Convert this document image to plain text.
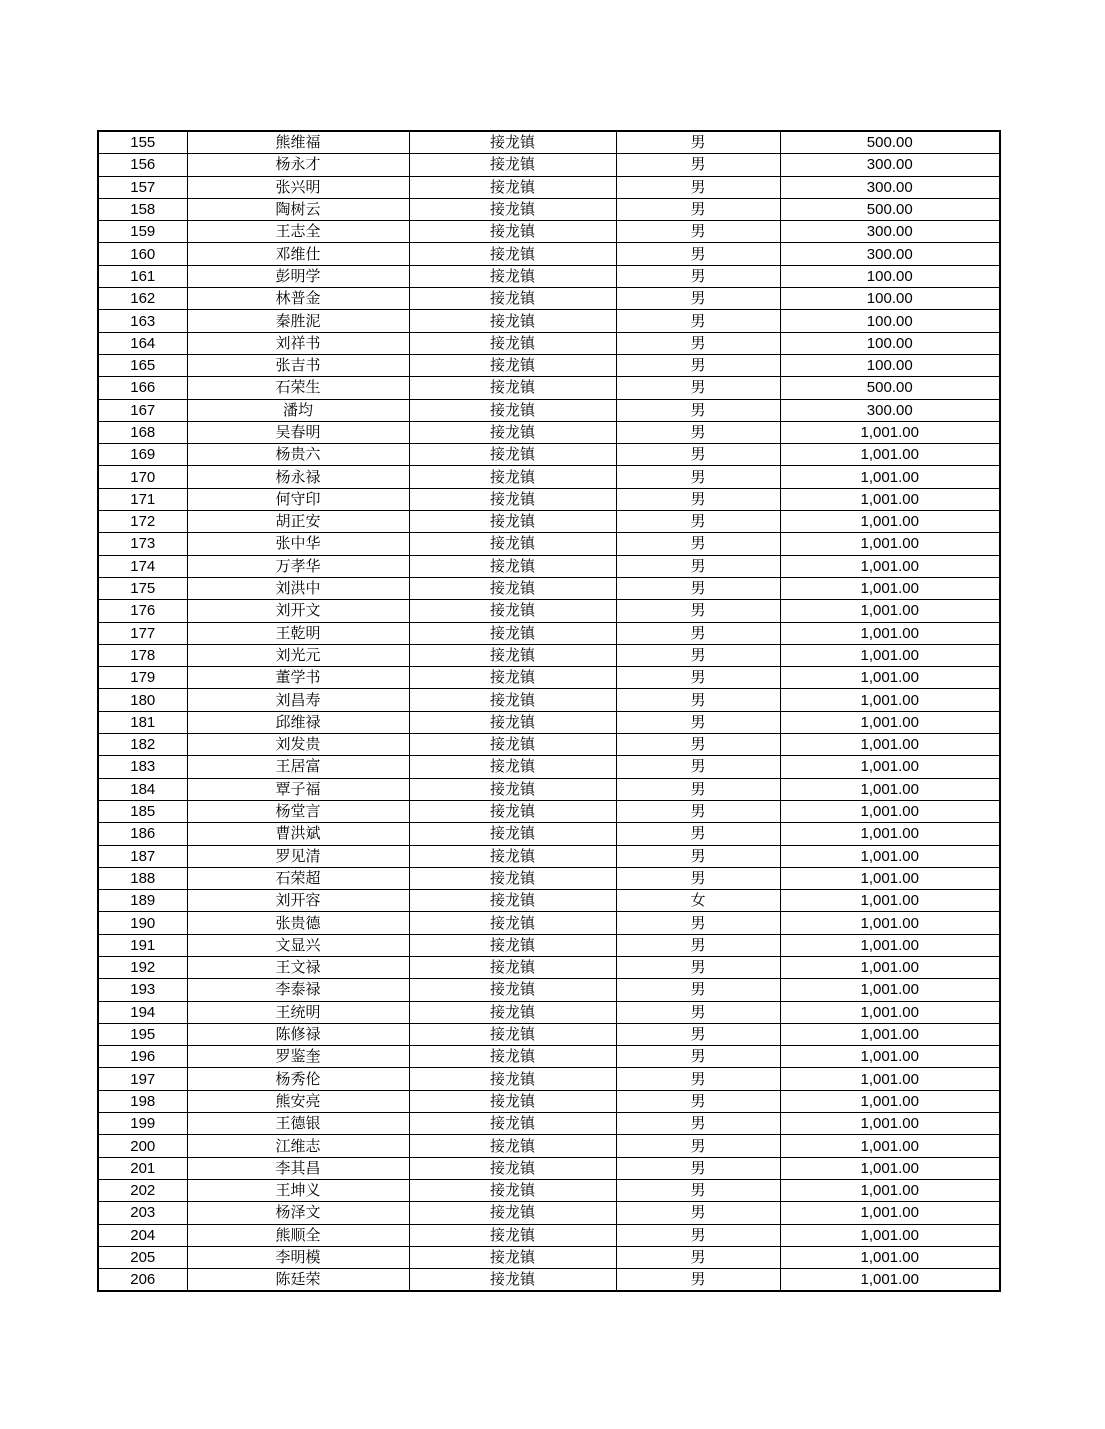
155	熊维福	接龙镇	男	500.00
156	杨永才	接龙镇	男	300.00
157	张兴明	接龙镇	男	300.00
158	陶树云	接龙镇	男	500.00
159	王志全	接龙镇	男	300.00
160	邓维仕	接龙镇	男	300.00
161	彭明学	接龙镇	男	100.00
162	林普金	接龙镇	男	100.00
163	秦胜泥	接龙镇	男	100.00
164	刘祥书	接龙镇	男	100.00
165	张吉书	接龙镇	男	100.00
166	石荣生	接龙镇	男	500.00
167	潘均	接龙镇	男	300.00
168	吴春明	接龙镇	男	1,001.00
169	杨贵六	接龙镇	男	1,001.00
170	杨永禄	接龙镇	男	1,001.00
171	何守印	接龙镇	男	1,001.00
172	胡正安	接龙镇	男	1,001.00
173	张中华	接龙镇	男	1,001.00
174	万孝华	接龙镇	男	1,001.00
175	刘洪中	接龙镇	男	1,001.00
176	刘开文	接龙镇	男	1,001.00
177	王乾明	接龙镇	男	1,001.00
178	刘光元	接龙镇	男	1,001.00
179	董学书	接龙镇	男	1,001.00
180	刘昌寿	接龙镇	男	1,001.00
181	邱维禄	接龙镇	男	1,001.00
182	刘发贵	接龙镇	男	1,001.00
183	王居富	接龙镇	男	1,001.00
184	覃子福	接龙镇	男	1,001.00
185	杨堂言	接龙镇	男	1,001.00
186	曹洪斌	接龙镇	男	1,001.00
187	罗见清	接龙镇	男	1,001.00
188	石荣超	接龙镇	男	1,001.00
189	刘开容	接龙镇	女	1,001.00
190	张贵德	接龙镇	男	1,001.00
191	文显兴	接龙镇	男	1,001.00
192	王文禄	接龙镇	男	1,001.00
193	李泰禄	接龙镇	男	1,001.00
194	王统明	接龙镇	男	1,001.00
195	陈修禄	接龙镇	男	1,001.00
196	罗鉴奎	接龙镇	男	1,001.00
197	杨秀伦	接龙镇	男	1,001.00
198	熊安亮	接龙镇	男	1,001.00
199	王德银	接龙镇	男	1,001.00
200	江维志	接龙镇	男	1,001.00
201	李其昌	接龙镇	男	1,001.00
202	王坤义	接龙镇	男	1,001.00
203	杨泽文	接龙镇	男	1,001.00
204	熊顺全	接龙镇	男	1,001.00
205	李明模	接龙镇	男	1,001.00
206	陈廷荣	接龙镇	男	1,001.00
